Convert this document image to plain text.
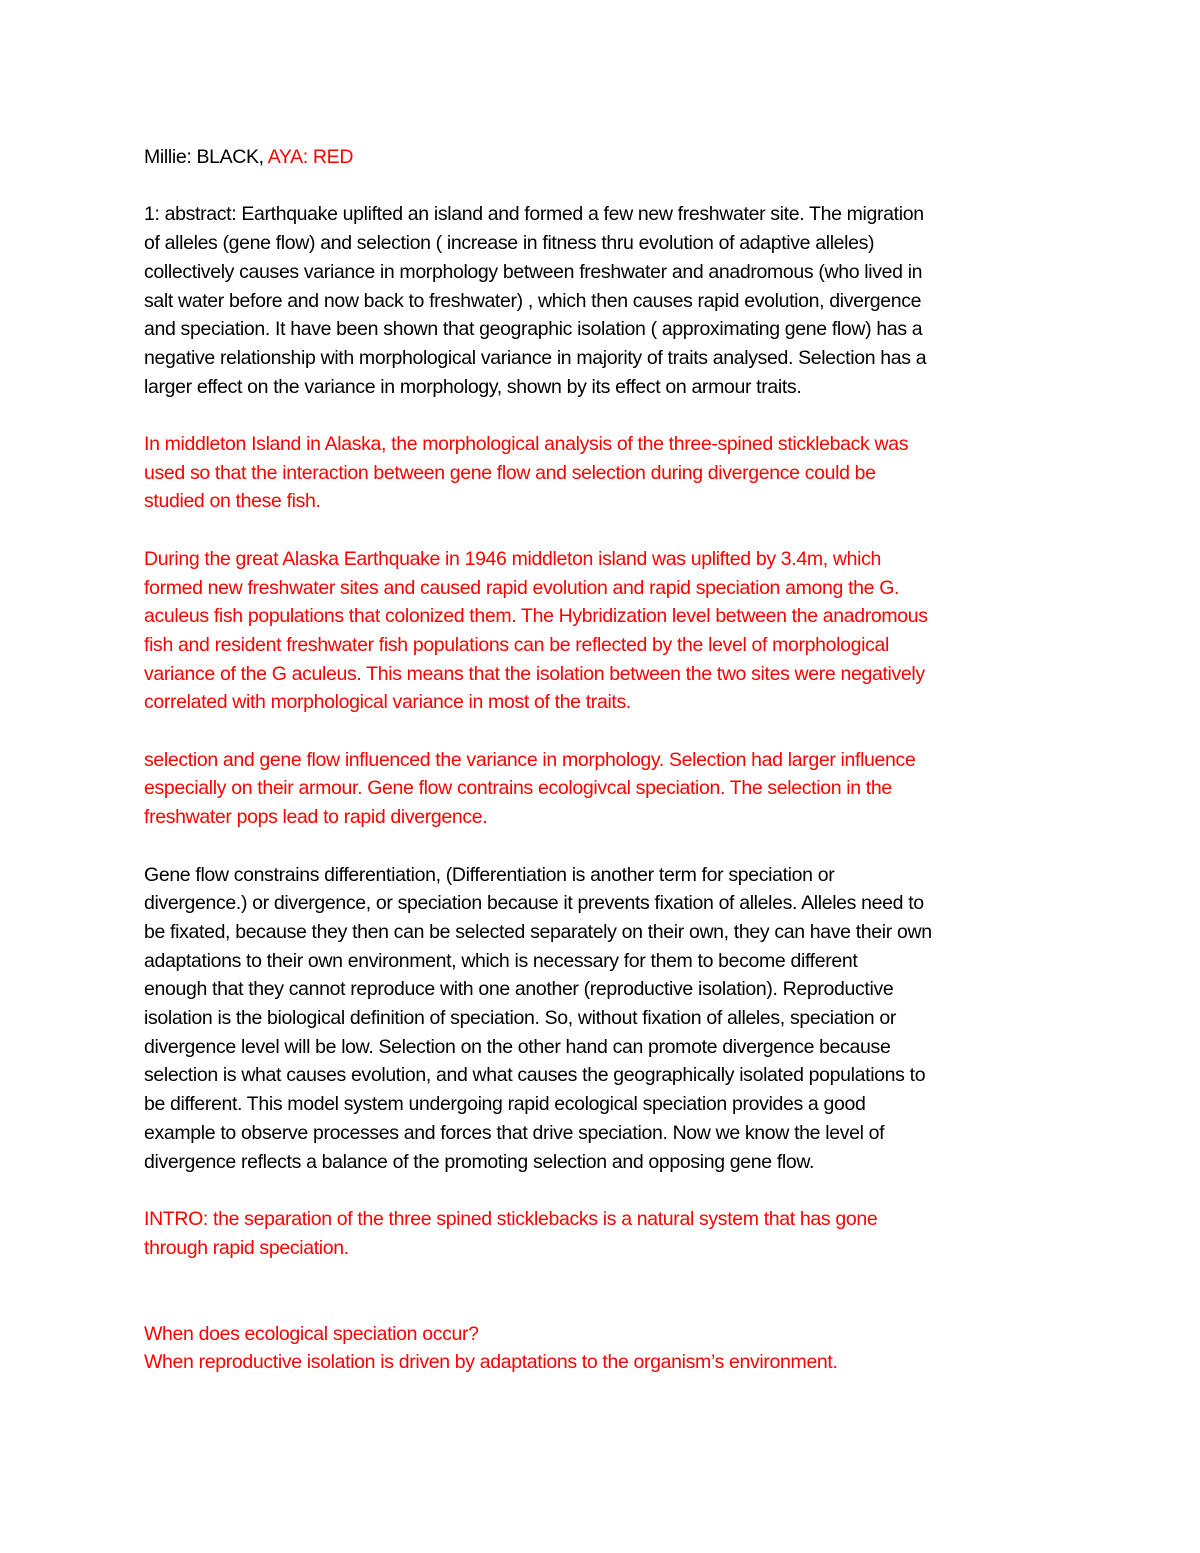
Millie: BLACK, AYA: RED
1: abstract: Earthquake uplifted an island and formed a few new freshwater site. The migration
of alleles (gene flow) and selection ( increase in fitness thru evolution of adaptive alleles)
collectively causes variance in morphology between freshwater and anadromous (who lived in
salt water before and now back to freshwater) , which then causes rapid evolution, divergence
and speciation. It have been shown that geographic isolation ( approximating gene flow) has a
negative relationship with morphological variance in majority of traits analysed. Selection has a
larger effect on the variance in morphology, shown by its effect on armour traits.
In middleton Island in Alaska, the morphological analysis of the three-spined stickleback was
used so that the interaction between gene flow and selection during divergence could be
studied on these fish.
During the great Alaska Earthquake in 1946 middleton island was uplifted by 3.4m, which
formed new freshwater sites and caused rapid evolution and rapid speciation among the G.
aculeus fish populations that colonized them. The Hybridization level between the anadromous
fish and resident freshwater fish populations can be reflected by the level of morphological
variance of the G aculeus. This means that the isolation between the two sites were negatively
correlated with morphological variance in most of the traits.
selection and gene flow influenced the variance in morphology. Selection had larger influence
especially on their armour. Gene flow contrains ecologivcal speciation. The selection in the
freshwater pops lead to rapid divergence.
Gene flow constrains differentiation, (Differentiation is another term for speciation or
divergence.) or divergence, or speciation because it prevents fixation of alleles. Alleles need to
be fixated, because they then can be selected separately on their own, they can have their own
adaptations to their own environment, which is necessary for them to become different
enough that they cannot reproduce with one another (reproductive isolation). Reproductive
isolation is the biological definition of speciation. So, without fixation of alleles, speciation or
divergence level will be low. Selection on the other hand can promote divergence because
selection is what causes evolution, and what causes the geographically isolated populations to
be different. This model system undergoing rapid ecological speciation provides a good
example to observe processes and forces that drive speciation. Now we know the level of
divergence reflects a balance of the promoting selection and opposing gene flow.
INTRO: the separation of the three spined sticklebacks is a natural system that has gone
through rapid speciation.
When does ecological speciation occur?
When reproductive isolation is driven by adaptations to the organism’s environment.
